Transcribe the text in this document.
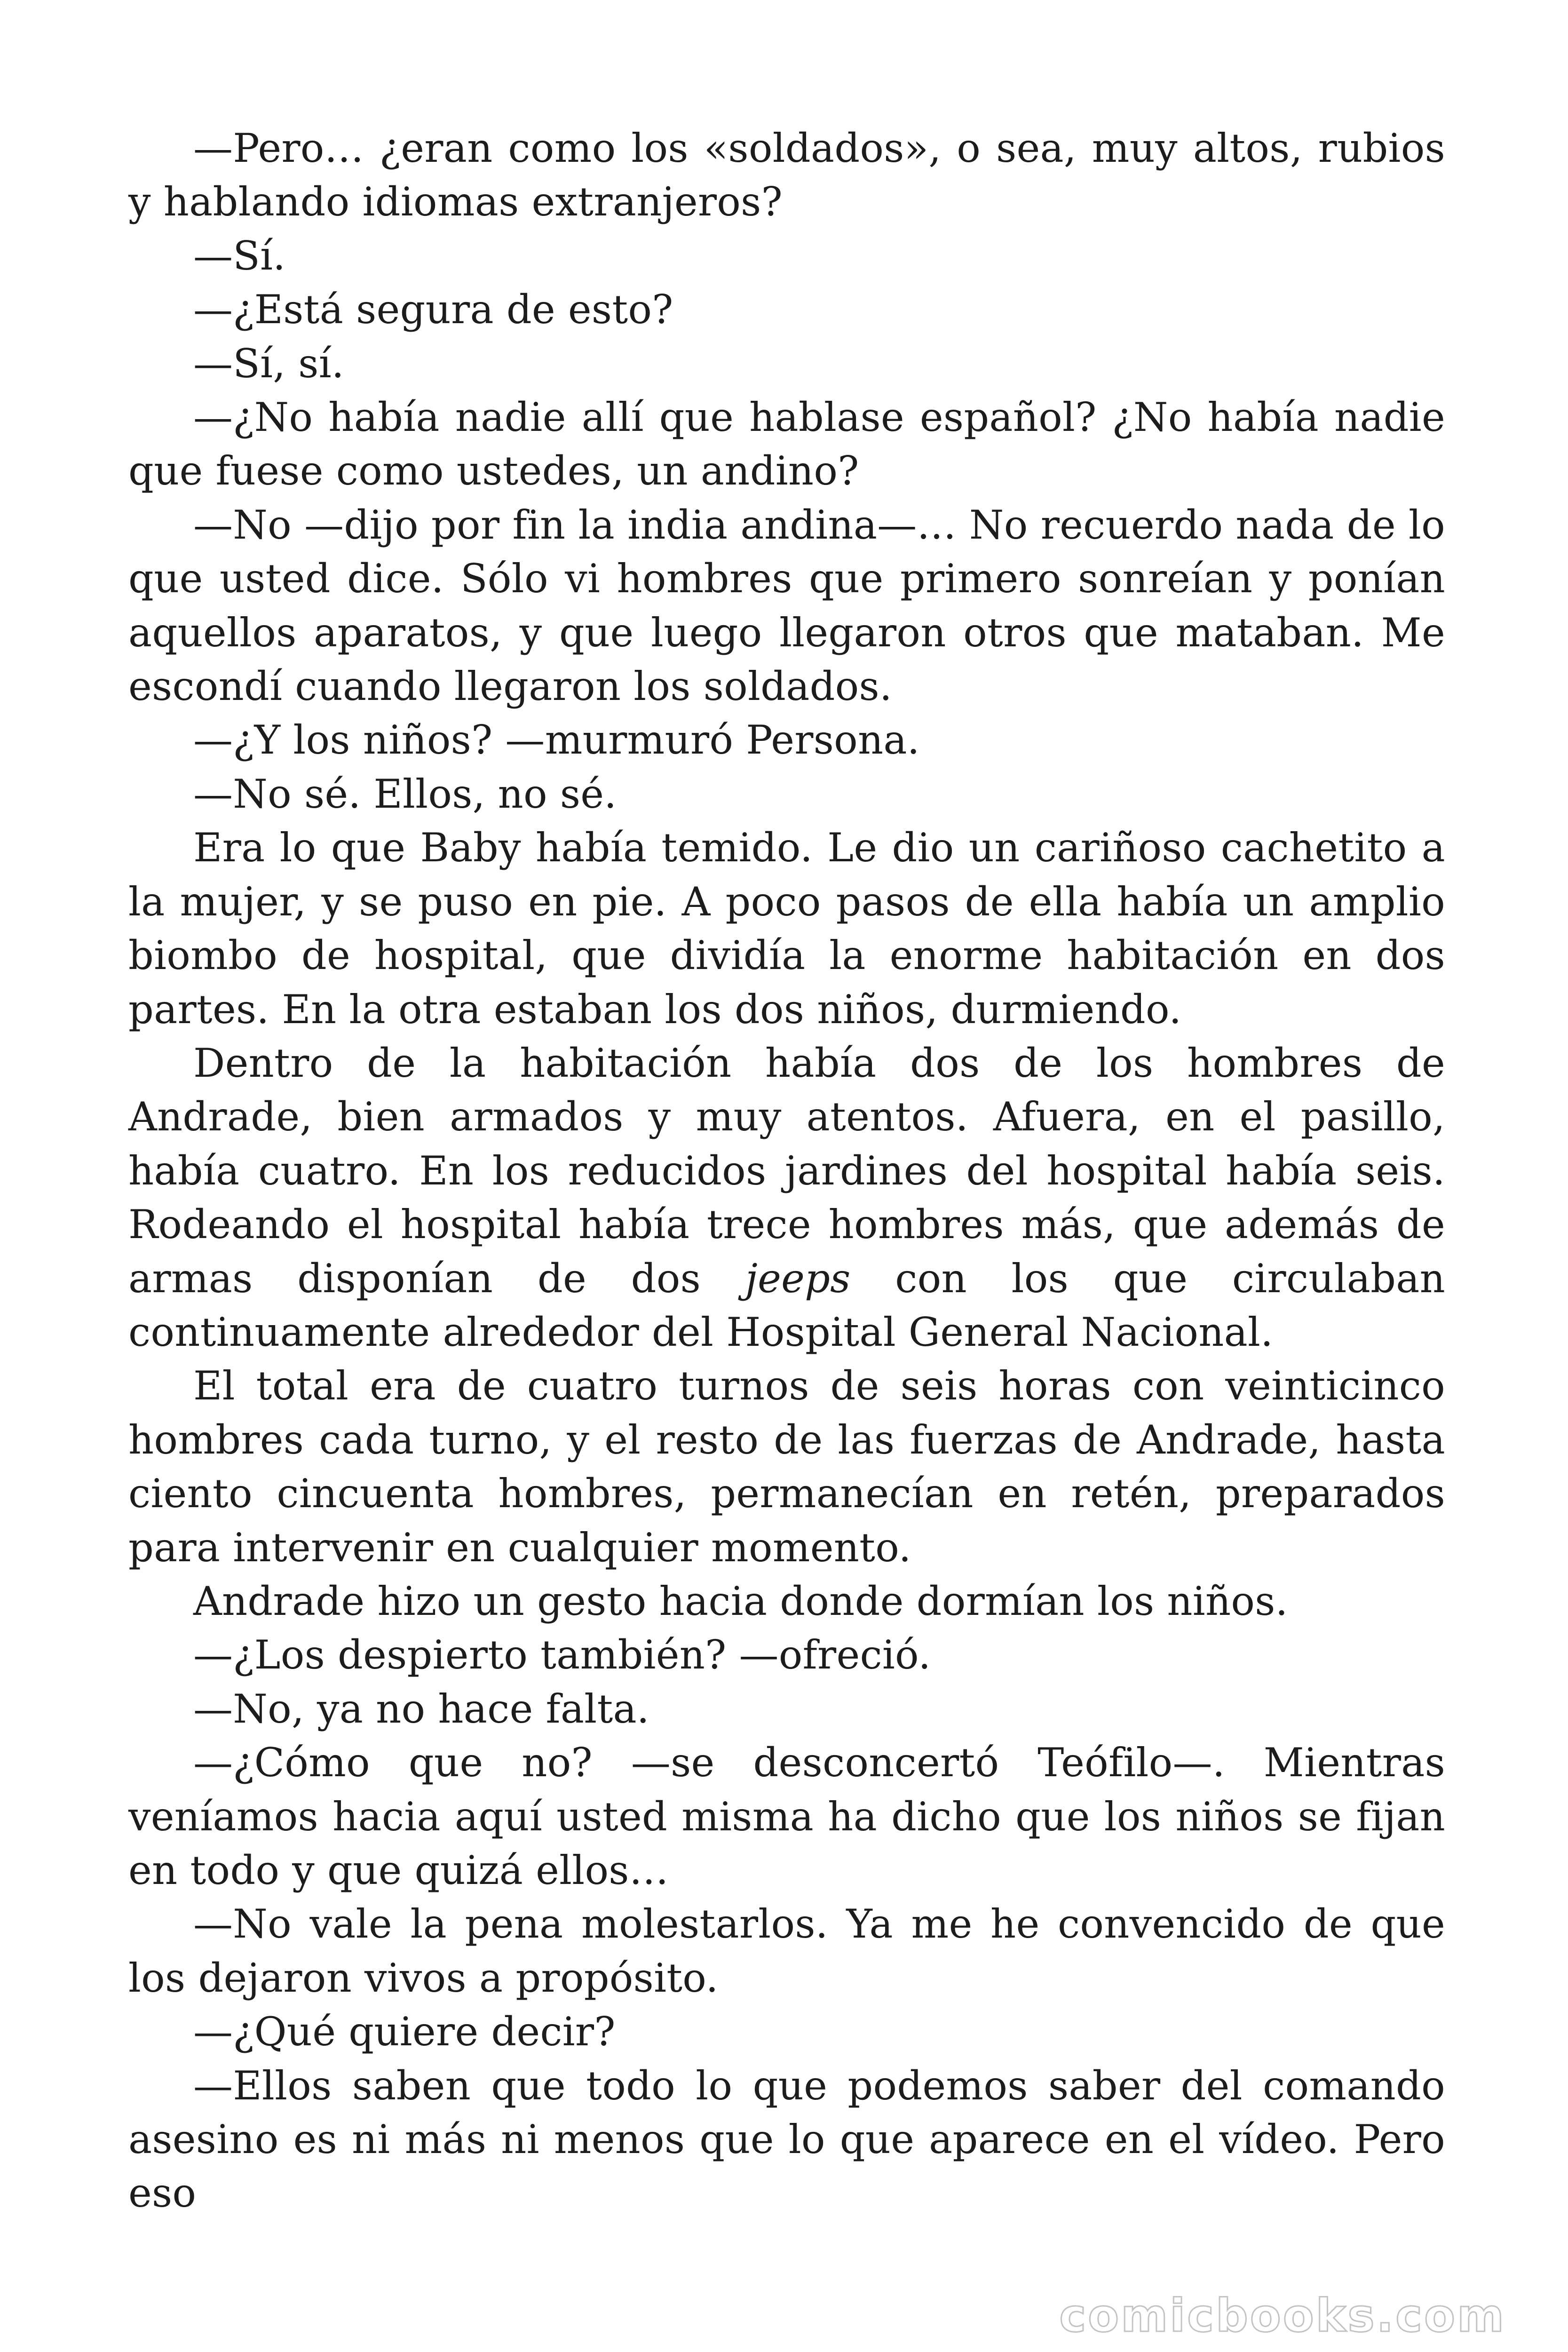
—Pero… ¿eran como los «soldados», o sea, muy altos, rubios y hablando idiomas extranjeros?

—Sí.

—¿Está segura de esto?

—Sí, sí.

—¿No había nadie allí que hablase español? ¿No había nadie que fuese como ustedes, un andino?

—No —dijo por fin la india andina—… No recuerdo nada de lo que usted dice. Sólo vi hombres que primero sonreían y ponían aquellos aparatos, y que luego llegaron otros que mataban. Me escondí cuando llegaron los soldados.

—¿Y los niños? —murmuró Persona.

—No sé. Ellos, no sé.

Era lo que Baby había temido. Le dio un cariñoso cachetito a la mujer, y se puso en pie. A poco pasos de ella había un amplio biombo de hospital, que dividía la enorme habitación en dos partes. En la otra estaban los dos niños, durmiendo.

Dentro de la habitación había dos de los hombres de Andrade, bien armados y muy atentos. Afuera, en el pasillo, había cuatro. En los reducidos jardines del hospital había seis. Rodeando el hospital había trece hombres más, que además de armas disponían de dos jeeps con los que circulaban continuamente alrededor del Hospital General Nacional.

El total era de cuatro turnos de seis horas con veinticinco hombres cada turno, y el resto de las fuerzas de Andrade, hasta ciento cincuenta hombres, permanecían en retén, preparados para intervenir en cualquier momento.

Andrade hizo un gesto hacia donde dormían los niños.

—¿Los despierto también? —ofreció.

—No, ya no hace falta.

—¿Cómo que no? —se desconcertó Teófilo—. Mientras veníamos hacia aquí usted misma ha dicho que los niños se fijan en todo y que quizá ellos…

—No vale la pena molestarlos. Ya me he convencido de que los dejaron vivos a propósito.

—¿Qué quiere decir?

—Ellos saben que todo lo que podemos saber del comando asesino es ni más ni menos que lo que aparece en el vídeo. Pero eso

comicbooks.com
